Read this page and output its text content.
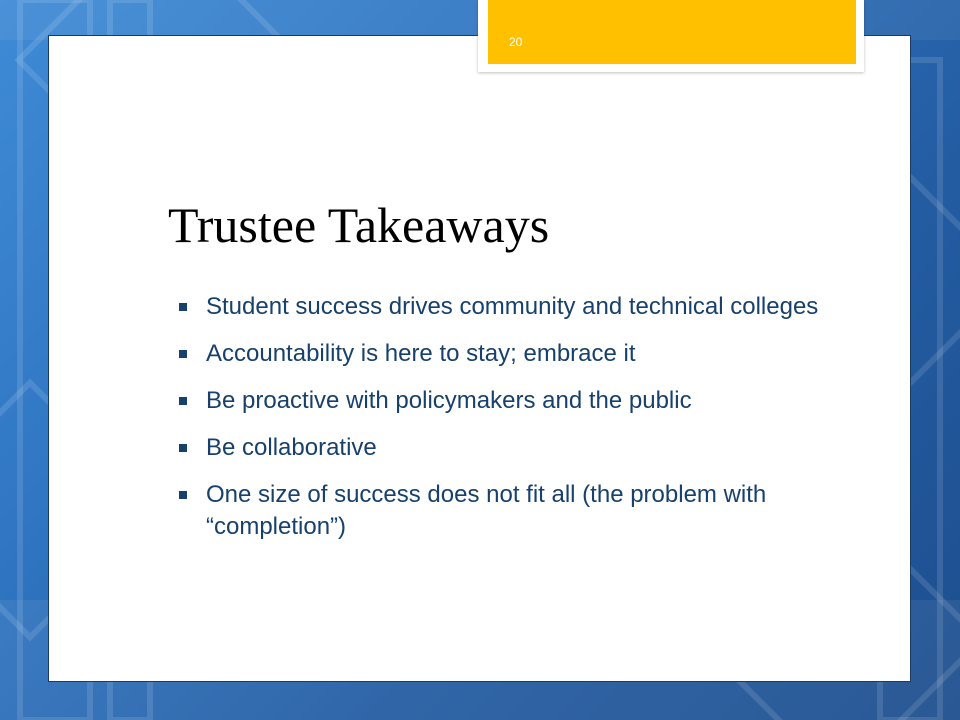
Trustee Takeaways
Student success drives community and technical colleges
Accountability is here to stay; embrace it
Be proactive with policymakers and the public
Be collaborative
One size of success does not fit all (the problem with “completion”)
20
